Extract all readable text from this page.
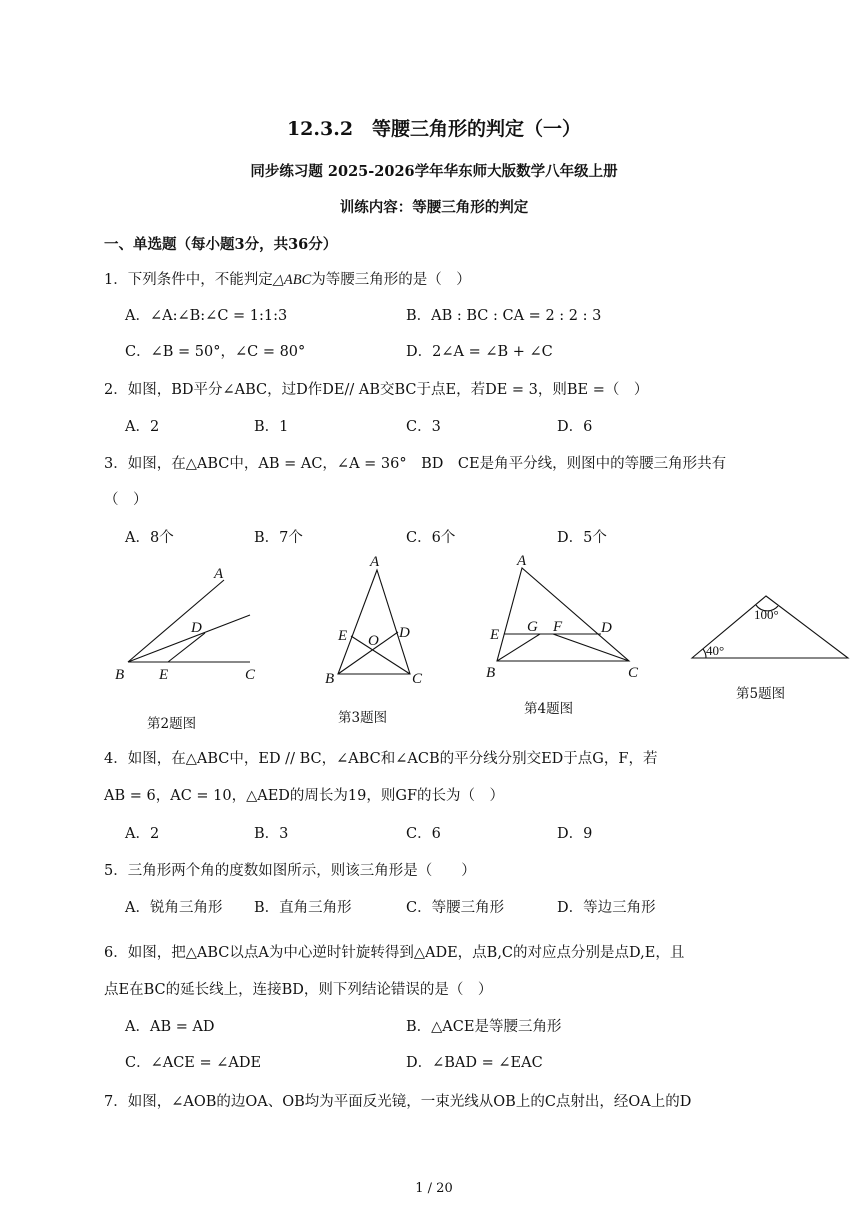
12.3.2　等腰三角形的判定（一）
同步练习题 2025-2026学年华东师大版数学八年级上册
训练内容：等腰三角形的判定
一、单选题（每小题3分，共36分）
1．下列条件中，不能判定△ABC为等腰三角形的是（　）
A．∠A:∠B:∠C = 1:1:3	B．AB : BC : CA = 2 : 2 : 3
C．∠B = 50°，∠C = 80°	D．2∠A = ∠B + ∠C
2．如图，BD平分∠ABC，过D作DE// AB交BC于点E，若DE = 3，则BE =（　）
A．2	B．1	C．3	D．6
3．如图，在△ABC中，AB = AC，∠A = 36°　BD　CE是角平分线，则图中的等腰三角形共有
（　）
A．8个	B．7个	C．6个	D．5个
A
D
B E	C
A
E O D
B	C
A
E G F	D
B	C
100°
40°
第2题图	第3题图
第4题图
第5题图
4．如图，在△ABC中，ED // BC，∠ABC和∠ACB的平分线分别交ED于点G，F，若
AB = 6，AC = 10，△AED的周长为19，则GF的长为（　）
A．2	B．3	C．6	D．9
5．三角形两个角的度数如图所示，则该三角形是（　　）
A．锐角三角形 B．直角三角形	C．等腰三角形	D．等边三角形
6．如图，把△ABC以点A为中心逆时针旋转得到△ADE，点B,C的对应点分别是点D,E，且
点E在BC的延长线上，连接BD，则下列结论错误的是（　）
A．AB = AD	B．△ACE是等腰三角形
C．∠ACE = ∠ADE	D．∠BAD = ∠EAC
7．如图，∠AOB的边OA、OB均为平面反光镜，一束光线从OB上的C点射出，经OA上的D
1 / 20
